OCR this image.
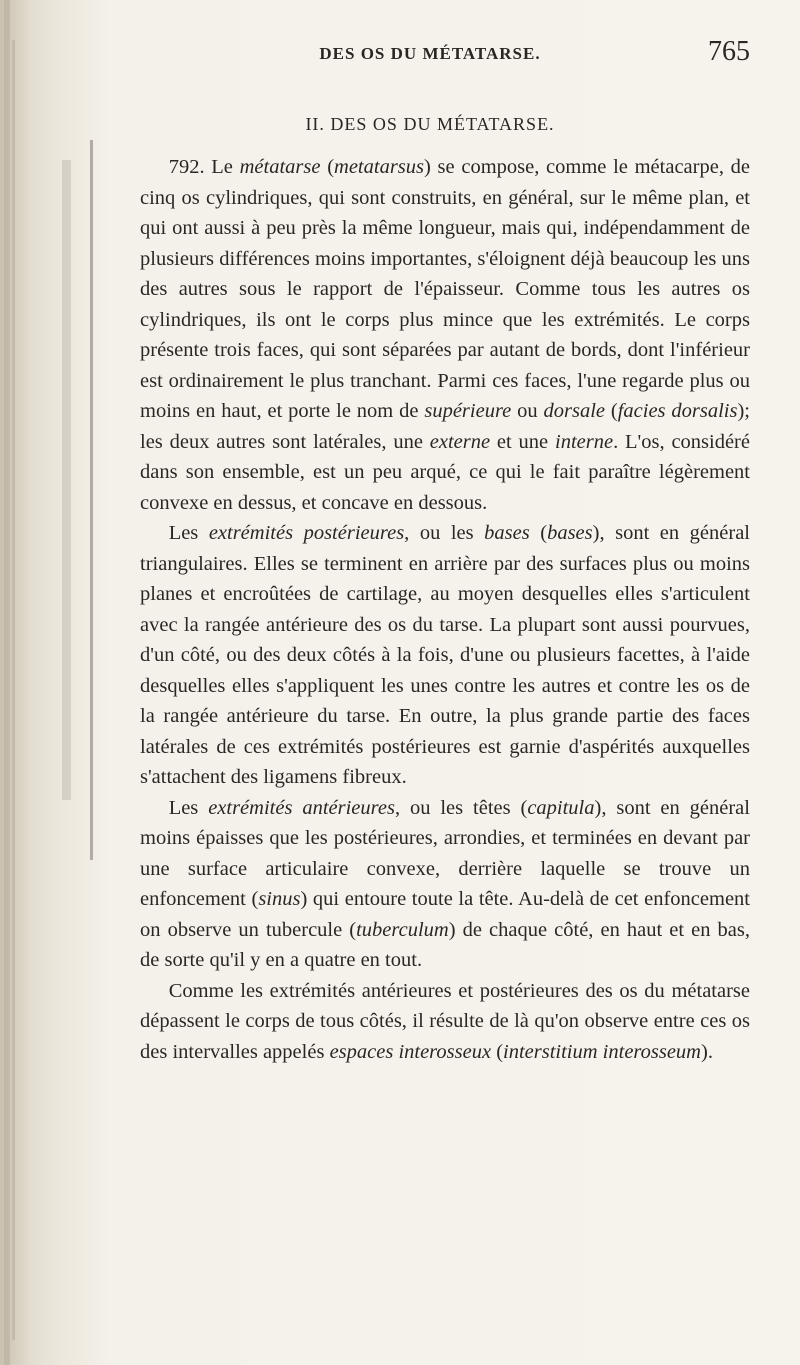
DES OS DU MÉTATARSE.	765
II. DES OS DU MÉTATARSE.

792. Le métatarse (metatarsus) se compose, comme le métacarpe, de cinq os cylindriques, qui sont construits, en général, sur le même plan, et qui ont aussi à peu près la même longueur, mais qui, indépendamment de plusieurs différences moins importantes, s'éloignent déjà beaucoup les uns des autres sous le rapport de l'épaisseur. Comme tous les autres os cylindriques, ils ont le corps plus mince que les extrémités. Le corps présente trois faces, qui sont séparées par autant de bords, dont l'inférieur est ordinairement le plus tranchant. Parmi ces faces, l'une regarde plus ou moins en haut, et porte le nom de supérieure ou dorsale (facies dorsalis); les deux autres sont latérales, une externe et une interne. L'os, considéré dans son ensemble, est un peu arqué, ce qui le fait paraître légèrement convexe en dessus, et concave en dessous.

Les extrémités postérieures, ou les bases (bases), sont en général triangulaires. Elles se terminent en arrière par des surfaces plus ou moins planes et encroûtées de cartilage, au moyen desquelles elles s'articulent avec la rangée antérieure des os du tarse. La plupart sont aussi pourvues, d'un côté, ou des deux côtés à la fois, d'une ou plusieurs facettes, à l'aide desquelles elles s'appliquent les unes contre les autres et contre les os de la rangée antérieure du tarse. En outre, la plus grande partie des faces latérales de ces extrémités postérieures est garnie d'aspérités auxquelles s'attachent des ligamens fibreux.

Les extrémités antérieures, ou les têtes (capitula), sont en général moins épaisses que les postérieures, arrondies, et terminées en devant par une surface articulaire convexe, derrière laquelle se trouve un enfoncement (sinus) qui entoure toute la tête. Au-delà de cet enfoncement on observe un tubercule (tuberculum) de chaque côté, en haut et en bas, de sorte qu'il y en a quatre en tout.

Comme les extrémités antérieures et postérieures des os du métatarse dépassent le corps de tous côtés, il résulte de là qu'on observe entre ces os des intervalles appelés espaces interosseux (interstitium interosseum).
